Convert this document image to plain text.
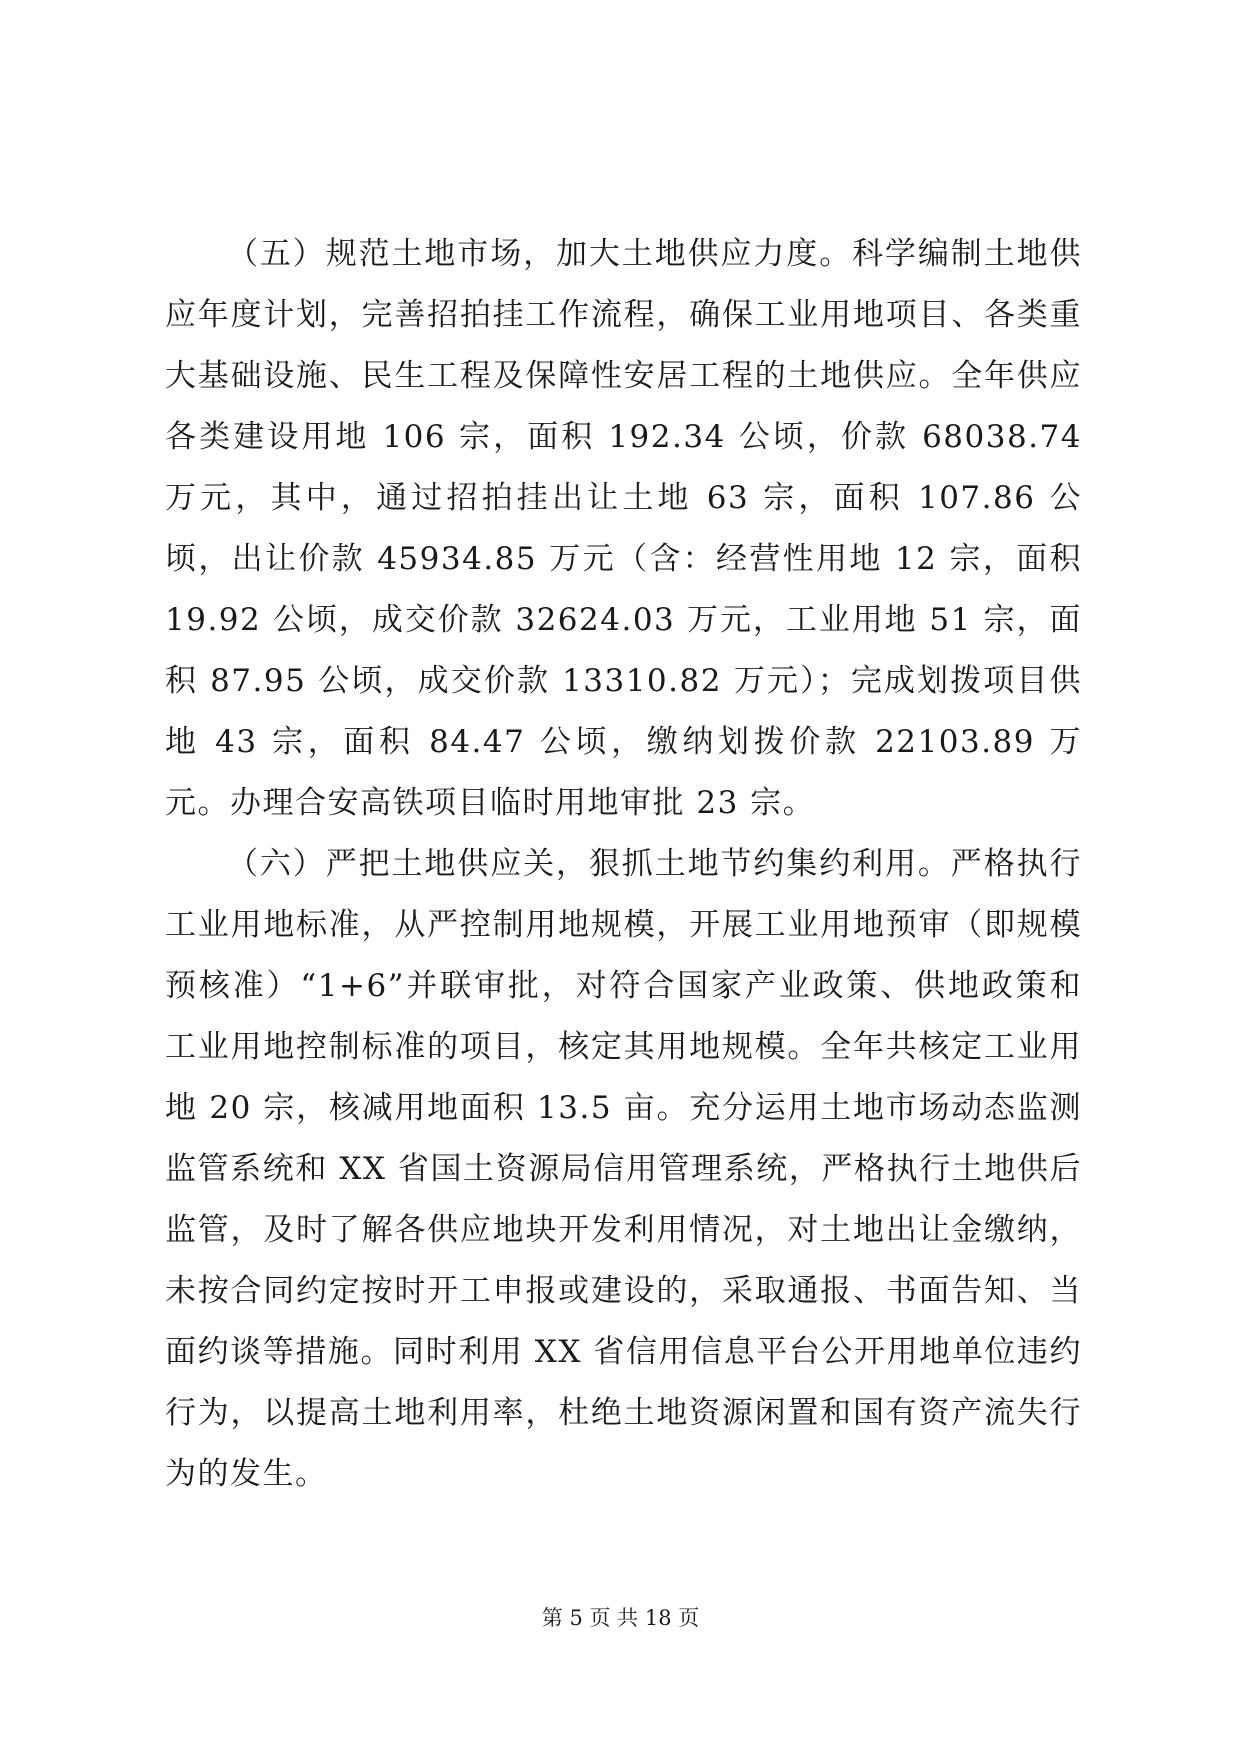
（五）规范土地市场，加大土地供应力度。科学编制土地供应年度计划，完善招拍挂工作流程，确保工业用地项目、各类重大基础设施、民生工程及保障性安居工程的土地供应。全年供应各类建设用地 106 宗，面积 192.34 公顷，价款 68038.74 万元，其中，通过招拍挂出让土地 63 宗，面积 107.86 公顷，出让价款 45934.85 万元（含：经营性用地 12 宗，面积 19.92 公顷，成交价款 32624.03 万元，工业用地 51 宗，面积 87.95 公顷，成交价款 13310.82 万元）；完成划拨项目供地 43 宗，面积 84.47 公顷，缴纳划拨价款 22103.89 万元。办理合安高铁项目临时用地审批 23 宗。

（六）严把土地供应关，狠抓土地节约集约利用。严格执行工业用地标准，从严控制用地规模，开展工业用地预审（即规模预核准）“1+6”并联审批，对符合国家产业政策、供地政策和工业用地控制标准的项目，核定其用地规模。全年共核定工业用地 20 宗，核减用地面积 13.5 亩。充分运用土地市场动态监测监管系统和 XX 省国土资源局信用管理系统，严格执行土地供后监管，及时了解各供应地块开发利用情况，对土地出让金缴纳，未按合同约定按时开工申报或建设的，采取通报、书面告知、当面约谈等措施。同时利用 XX 省信用信息平台公开用地单位违约行为，以提高土地利用率，杜绝土地资源闲置和国有资产流失行为的发生。

第 5 页 共 18 页
